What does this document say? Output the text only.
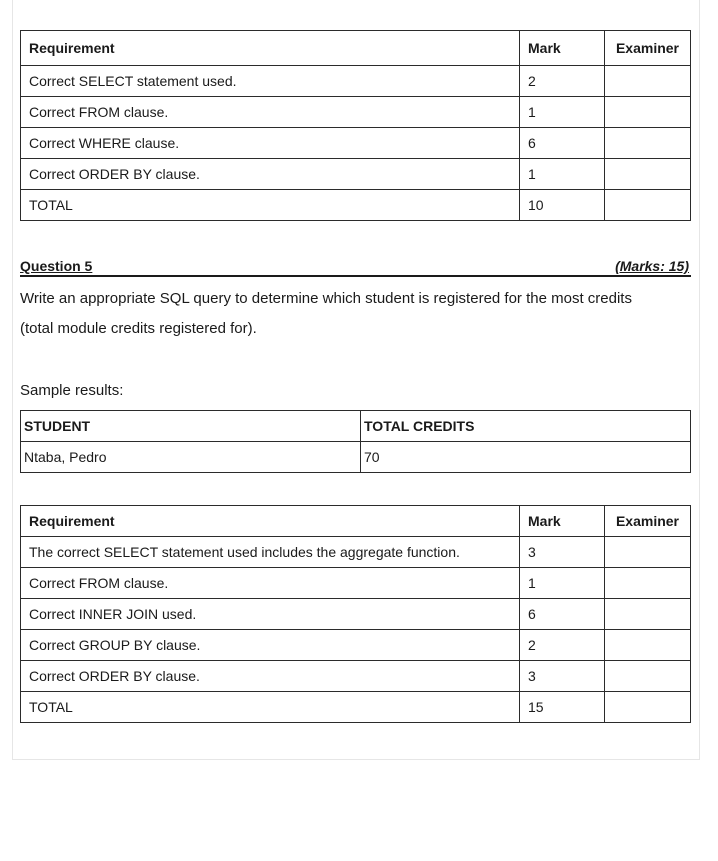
Requirement	Mark	Examiner
Correct SELECT statement used.	2	
Correct FROM clause.	1	
Correct WHERE clause.	6	
Correct ORDER BY clause.	1	
TOTAL	10	
Question 5	(Marks: 15)
Write an appropriate SQL query to determine which student is registered for the most credits
(total module credits registered for).
Sample results:
STUDENT	TOTAL CREDITS
Ntaba, Pedro	70
Requirement	Mark	Examiner
The correct SELECT statement used includes the aggregate function.	3	
Correct FROM clause.	1	
Correct INNER JOIN used.	6	
Correct GROUP BY clause.	2	
Correct ORDER BY clause.	3	
TOTAL	15	
